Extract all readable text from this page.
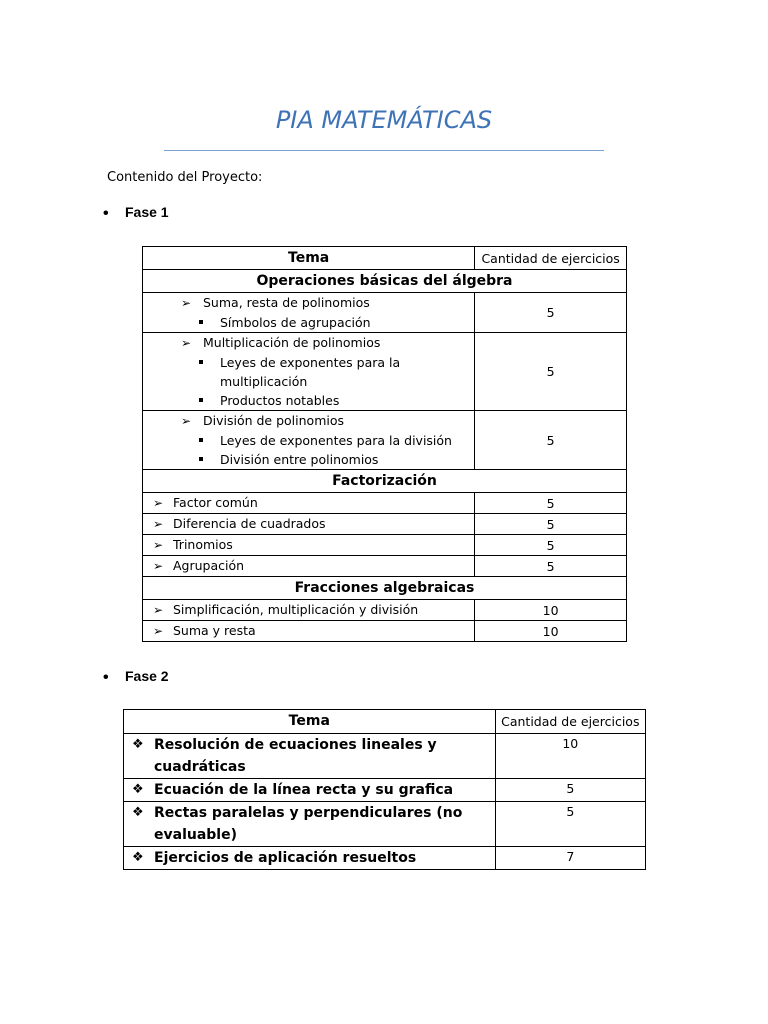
PIA MATEMÁTICAS
Contenido del Proyecto:
• Fase 1
Tema	Cantidad de ejercicios
Operaciones básicas del álgebra	

➢ Suma, resta de polinomios
Símbolos de agrupación	5

➢ Multiplicación de polinomios
Leyes de exponentes para la
multiplicación
Productos notables	5

➢ División de polinomios
Leyes de exponentes para la división
División entre polinomios	5
Factorización	
➢ Factor común	5
➢ Diferencia de cuadrados	5
➢ Trinomios	5
➢ Agrupación	5
Fracciones algebraicas	
➢ Simplificación, multiplicación y división	10
➢ Suma y resta	10
• Fase 2
Tema	Cantidad de ejercicios

❖ Resolución de ecuaciones lineales y
cuadráticas	10

❖ Ecuación de la línea recta y su grafica	5

❖ Rectas paralelas y perpendiculares (no
evaluable)	5

❖ Ejercicios de aplicación resueltos	7
